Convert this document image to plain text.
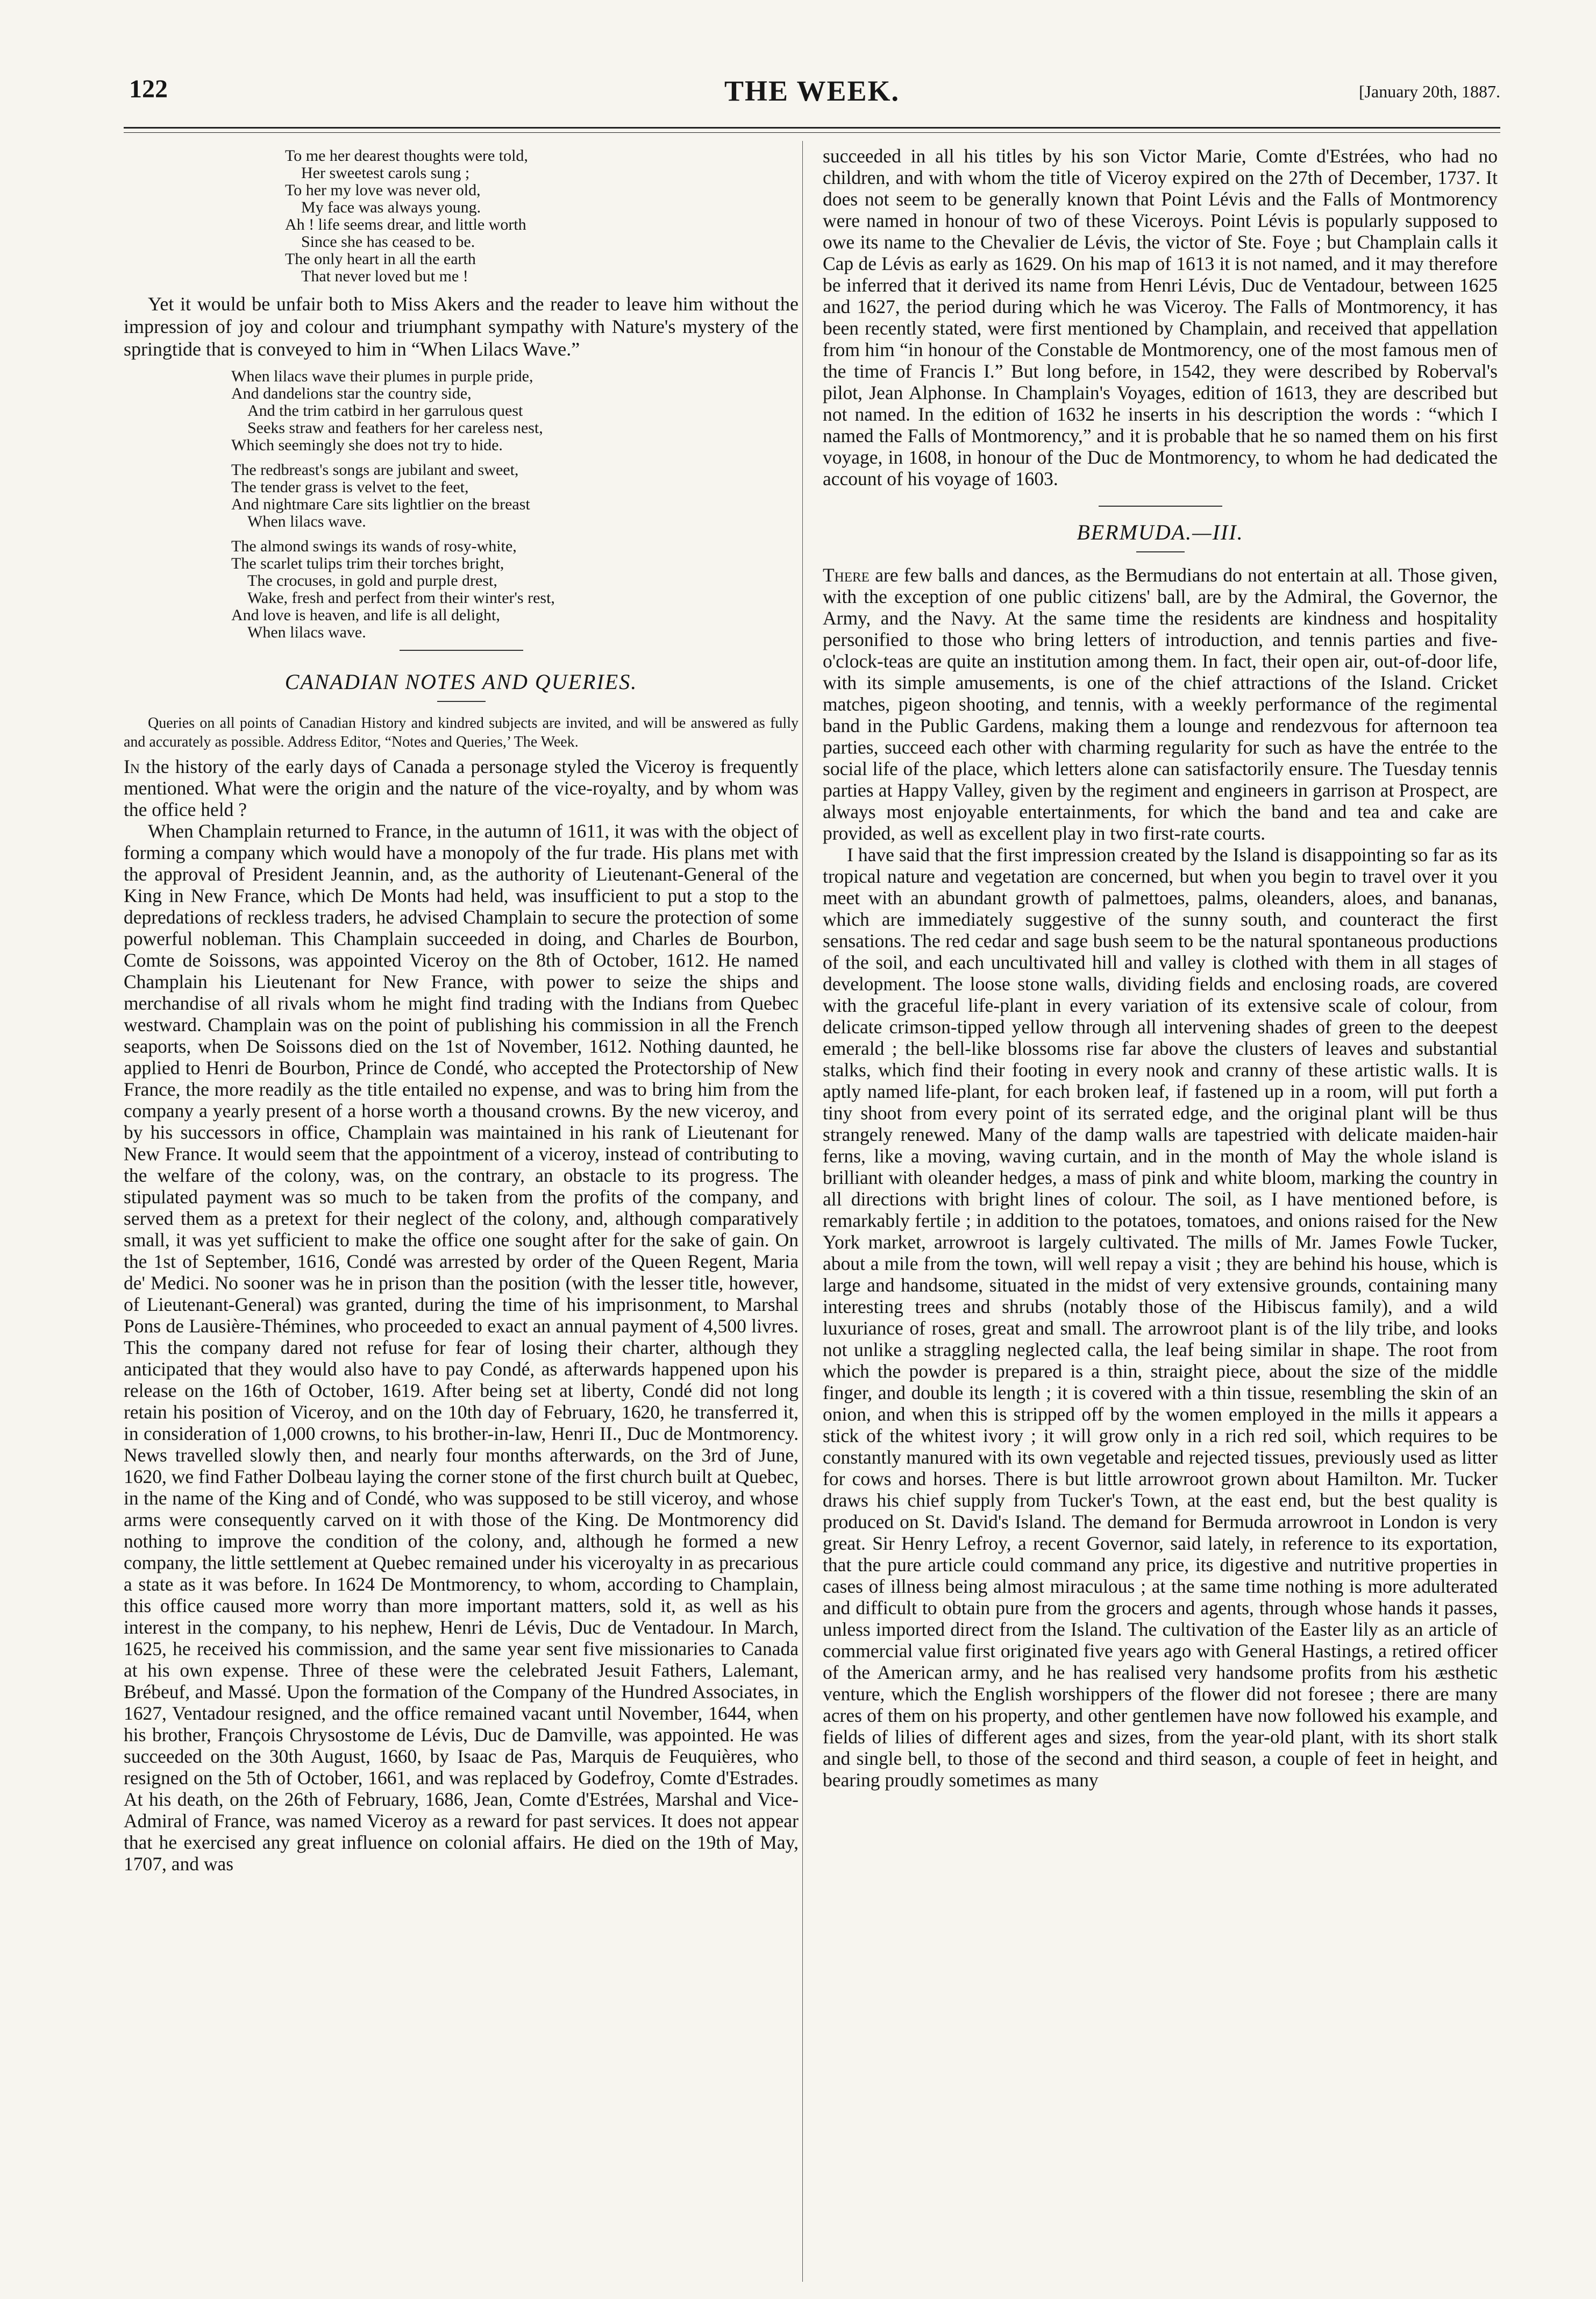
122	THE WEEK.	[January 20th, 1887.
To me her dearest thoughts were told,
Her sweetest carols sung ;
To her my love was never old,
My face was always young.
Ah ! life seems drear, and little worth
Since she has ceased to be.
The only heart in all the earth
That never loved but me !

Yet it would be unfair both to Miss Akers and the reader to leave him without the impression of joy and colour and triumphant sympathy with Nature's mystery of the springtide that is conveyed to him in “When Lilacs Wave.”

When lilacs wave their plumes in purple pride,
And dandelions star the country side,
And the trim catbird in her garrulous quest
Seeks straw and feathers for her careless nest,
Which seemingly she does not try to hide.
The redbreast's songs are jubilant and sweet,
The tender grass is velvet to the feet,
And nightmare Care sits lightlier on the breast
When lilacs wave.
The almond swings its wands of rosy-white,
The scarlet tulips trim their torches bright,
The crocuses, in gold and purple drest,
Wake, fresh and perfect from their winter's rest,
And love is heaven, and life is all delight,
When lilacs wave.
CANADIAN NOTES AND QUERIES.
Queries on all points of Canadian History and kindred subjects are invited, and will be answered as fully and accurately as possible. Address Editor, “Notes and Queries,’ The Week.

In the history of the early days of Canada a personage styled the Viceroy is frequently mentioned. What were the origin and the nature of the vice-royalty, and by whom was the office held ?

When Champlain returned to France, in the autumn of 1611, it was with the object of forming a company which would have a monopoly of the fur trade. His plans met with the approval of President Jeannin, and, as the authority of Lieutenant-General of the King in New France, which De Monts had held, was insufficient to put a stop to the depredations of reckless traders, he advised Champlain to secure the protection of some powerful nobleman. This Champlain succeeded in doing, and Charles de Bourbon, Comte de Soissons, was appointed Viceroy on the 8th of October, 1612. He named Champlain his Lieutenant for New France, with power to seize the ships and merchandise of all rivals whom he might find trading with the Indians from Quebec westward. Champlain was on the point of publishing his commission in all the French seaports, when De Soissons died on the 1st of November, 1612. Nothing daunted, he applied to Henri de Bourbon, Prince de Condé, who accepted the Protectorship of New France, the more readily as the title entailed no expense, and was to bring him from the company a yearly present of a horse worth a thousand crowns. By the new viceroy, and by his successors in office, Champlain was maintained in his rank of Lieutenant for New France. It would seem that the appointment of a viceroy, instead of contributing to the welfare of the colony, was, on the contrary, an obstacle to its progress. The stipulated payment was so much to be taken from the profits of the company, and served them as a pretext for their neglect of the colony, and, although comparatively small, it was yet sufficient to make the office one sought after for the sake of gain. On the 1st of September, 1616, Condé was arrested by order of the Queen Regent, Maria de' Medici. No sooner was he in prison than the position (with the lesser title, however, of Lieutenant-General) was granted, during the time of his imprisonment, to Marshal Pons de Lausière-Thémines, who proceeded to exact an annual payment of 4,500 livres. This the company dared not refuse for fear of losing their charter, although they anticipated that they would also have to pay Condé, as afterwards happened upon his release on the 16th of October, 1619. After being set at liberty, Condé did not long retain his position of Viceroy, and on the 10th day of February, 1620, he transferred it, in consideration of 1,000 crowns, to his brother-in-law, Henri II., Duc de Montmorency. News travelled slowly then, and nearly four months afterwards, on the 3rd of June, 1620, we find Father Dolbeau laying the corner stone of the first church built at Quebec, in the name of the King and of Condé, who was supposed to be still viceroy, and whose arms were consequently carved on it with those of the King. De Montmorency did nothing to improve the condition of the colony, and, although he formed a new company, the little settlement at Quebec remained under his viceroyalty in as precarious a state as it was before. In 1624 De Montmorency, to whom, according to Champlain, this office caused more worry than more important matters, sold it, as well as his interest in the company, to his nephew, Henri de Lévis, Duc de Ventadour. In March, 1625, he received his commission, and the same year sent five missionaries to Canada at his own expense. Three of these were the celebrated Jesuit Fathers, Lalemant, Brébeuf, and Massé. Upon the formation of the Company of the Hundred Associates, in 1627, Ventadour resigned, and the office remained vacant until November, 1644, when his brother, François Chrysostome de Lévis, Duc de Damville, was appointed. He was succeeded on the 30th August, 1660, by Isaac de Pas, Marquis de Feuquières, who resigned on the 5th of October, 1661, and was replaced by Godefroy, Comte d'Estrades. At his death, on the 26th of February, 1686, Jean, Comte d'Estrées, Marshal and Vice-Admiral of France, was named Viceroy as a reward for past services. It does not appear that he exercised any great influence on colonial affairs. He died on the 19th of May, 1707, and was

succeeded in all his titles by his son Victor Marie, Comte d'Estrées, who had no children, and with whom the title of Viceroy expired on the 27th of December, 1737. It does not seem to be generally known that Point Lévis and the Falls of Montmorency were named in honour of two of these Viceroys. Point Lévis is popularly supposed to owe its name to the Chevalier de Lévis, the victor of Ste. Foye ; but Champlain calls it Cap de Lévis as early as 1629. On his map of 1613 it is not named, and it may therefore be inferred that it derived its name from Henri Lévis, Duc de Ventadour, between 1625 and 1627, the period during which he was Viceroy. The Falls of Montmorency, it has been recently stated, were first mentioned by Champlain, and received that appellation from him “in honour of the Constable de Montmorency, one of the most famous men of the time of Francis I.” But long before, in 1542, they were described by Roberval's pilot, Jean Alphonse. In Champlain's Voyages, edition of 1613, they are described but not named. In the edition of 1632 he inserts in his description the words : “which I named the Falls of Montmorency,” and it is probable that he so named them on his first voyage, in 1608, in honour of the Duc de Montmorency, to whom he had dedicated the account of his voyage of 1603.

BERMUDA.—III.

There are few balls and dances, as the Bermudians do not entertain at all. Those given, with the exception of one public citizens' ball, are by the Admiral, the Governor, the Army, and the Navy. At the same time the residents are kindness and hospitality personified to those who bring letters of introduction, and tennis parties and five-o'clock-teas are quite an institution among them. In fact, their open air, out-of-door life, with its simple amusements, is one of the chief attractions of the Island. Cricket matches, pigeon shooting, and tennis, with a weekly performance of the regimental band in the Public Gardens, making them a lounge and rendezvous for afternoon tea parties, succeed each other with charming regularity for such as have the entrée to the social life of the place, which letters alone can satisfactorily ensure. The Tuesday tennis parties at Happy Valley, given by the regiment and engineers in garrison at Prospect, are always most enjoyable entertainments, for which the band and tea and cake are provided, as well as excellent play in two first-rate courts.

I have said that the first impression created by the Island is disappointing so far as its tropical nature and vegetation are concerned, but when you begin to travel over it you meet with an abundant growth of palmettoes, palms, oleanders, aloes, and bananas, which are immediately suggestive of the sunny south, and counteract the first sensations. The red cedar and sage bush seem to be the natural spontaneous productions of the soil, and each uncultivated hill and valley is clothed with them in all stages of development. The loose stone walls, dividing fields and enclosing roads, are covered with the graceful life-plant in every variation of its extensive scale of colour, from delicate crimson-tipped yellow through all intervening shades of green to the deepest emerald ; the bell-like blossoms rise far above the clusters of leaves and substantial stalks, which find their footing in every nook and cranny of these artistic walls. It is aptly named life-plant, for each broken leaf, if fastened up in a room, will put forth a tiny shoot from every point of its serrated edge, and the original plant will be thus strangely renewed. Many of the damp walls are tapestried with delicate maiden-hair ferns, like a moving, waving curtain, and in the month of May the whole island is brilliant with oleander hedges, a mass of pink and white bloom, marking the country in all directions with bright lines of colour. The soil, as I have mentioned before, is remarkably fertile ; in addition to the potatoes, tomatoes, and onions raised for the New York market, arrowroot is largely cultivated. The mills of Mr. James Fowle Tucker, about a mile from the town, will well repay a visit ; they are behind his house, which is large and handsome, situated in the midst of very extensive grounds, containing many interesting trees and shrubs (notably those of the Hibiscus family), and a wild luxuriance of roses, great and small. The arrowroot plant is of the lily tribe, and looks not unlike a straggling neglected calla, the leaf being similar in shape. The root from which the powder is prepared is a thin, straight piece, about the size of the middle finger, and double its length ; it is covered with a thin tissue, resembling the skin of an onion, and when this is stripped off by the women employed in the mills it appears a stick of the whitest ivory ; it will grow only in a rich red soil, which requires to be constantly manured with its own vegetable and rejected tissues, previously used as litter for cows and horses. There is but little arrowroot grown about Hamilton. Mr. Tucker draws his chief supply from Tucker's Town, at the east end, but the best quality is produced on St. David's Island. The demand for Bermuda arrowroot in London is very great. Sir Henry Lefroy, a recent Governor, said lately, in reference to its exportation, that the pure article could command any price, its digestive and nutritive properties in cases of illness being almost miraculous ; at the same time nothing is more adulterated and difficult to obtain pure from the grocers and agents, through whose hands it passes, unless imported direct from the Island. The cultivation of the Easter lily as an article of commercial value first originated five years ago with General Hastings, a retired officer of the American army, and he has realised very handsome profits from his æsthetic venture, which the English worshippers of the flower did not foresee ; there are many acres of them on his property, and other gentlemen have now followed his example, and fields of lilies of different ages and sizes, from the year-old plant, with its short stalk and single bell, to those of the second and third season, a couple of feet in height, and bearing proudly sometimes as many
